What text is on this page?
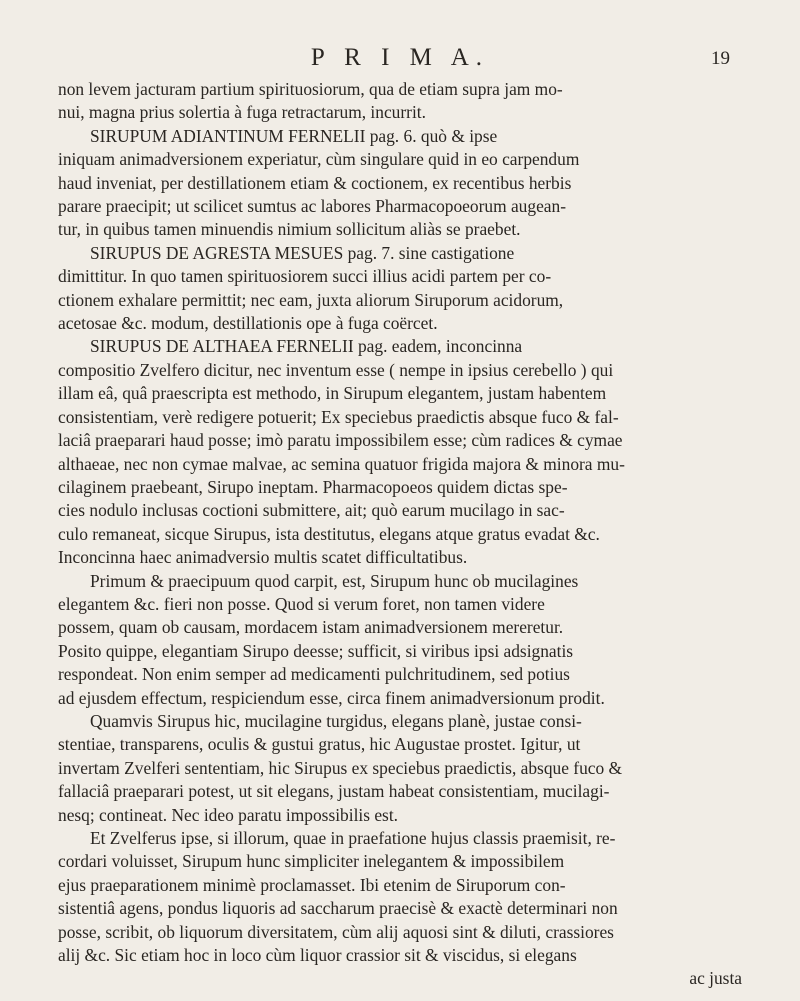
P R I M A.	19
non levem jacturam partium spirituosiorum, qua de etiam supra jam mo-
nui, magna prius solertia à fuga retractarum, incurrit.
SIRUPUM ADIANTINUM FERNELII pag. 6. quò & ipse
iniquam animadversionem experiatur, cùm singulare quid in eo carpendum
haud inveniat, per destillationem etiam & coctionem, ex recentibus herbis
parare praecipit; ut scilicet sumtus ac labores Pharmacopoeorum augean-
tur, in quibus tamen minuendis nimium sollicitum aliàs se praebet.
SIRUPUS DE AGRESTA MESUES pag. 7. sine castigatione
dimittitur. In quo tamen spirituosiorem succi illius acidi partem per co-
ctionem exhalare permittit; nec eam, juxta aliorum Siruporum acidorum,
acetosae &c. modum, destillationis ope à fuga coërcet.
SIRUPUS DE ALTHAEA FERNELII pag. eadem, inconcinna
compositio Zvelfero dicitur, nec inventum esse ( nempe in ipsius cerebello ) qui
illam eâ, quâ praescripta est methodo, in Sirupum elegantem, justam habentem
consistentiam, verè redigere potuerit; Ex speciebus praedictis absque fuco & fal-
laciâ praeparari haud posse; imò paratu impossibilem esse; cùm radices & cymae
althaeae, nec non cymae malvae, ac semina quatuor frigida majora & minora mu-
cilaginem praebeant, Sirupo ineptam. Pharmacopoeos quidem dictas spe-
cies nodulo inclusas coctioni submittere, ait; quò earum mucilago in sac-
culo remaneat, sicque Sirupus, ista destitutus, elegans atque gratus evadat &c.
Inconcinna haec animadversio multis scatet difficultatibus.
Primum & praecipuum quod carpit, est, Sirupum hunc ob mucilagines
elegantem &c. fieri non posse. Quod si verum foret, non tamen videre
possem, quam ob causam, mordacem istam animadversionem mereretur.
Posito quippe, elegantiam Sirupo deesse; sufficit, si viribus ipsi adsignatis
respondeat. Non enim semper ad medicamenti pulchritudinem, sed potius
ad ejusdem effectum, respiciendum esse, circa finem animadversionum prodit.
Quamvis Sirupus hic, mucilagine turgidus, elegans planè, justae consi-
stentiae, transparens, oculis & gustui gratus, hic Augustae prostet. Igitur, ut
invertam Zvelferi sententiam, hic Sirupus ex speciebus praedictis, absque fuco &
fallaciâ praeparari potest, ut sit elegans, justam habeat consistentiam, mucilagi-
nesq; contineat. Nec ideo paratu impossibilis est.
Et Zvelferus ipse, si illorum, quae in praefatione hujus classis praemisit, re-
cordari voluisset, Sirupum hunc simpliciter inelegantem & impossibilem
ejus praeparationem minimè proclamasset. Ibi etenim de Siruporum con-
sistentiâ agens, pondus liquoris ad saccharum praecisè & exactè determinari non
posse, scribit, ob liquorum diversitatem, cùm alij aquosi sint & diluti, crassiores
alij &c. Sic etiam hoc in loco cùm liquor crassior sit & viscidus, si elegans
ac justa
